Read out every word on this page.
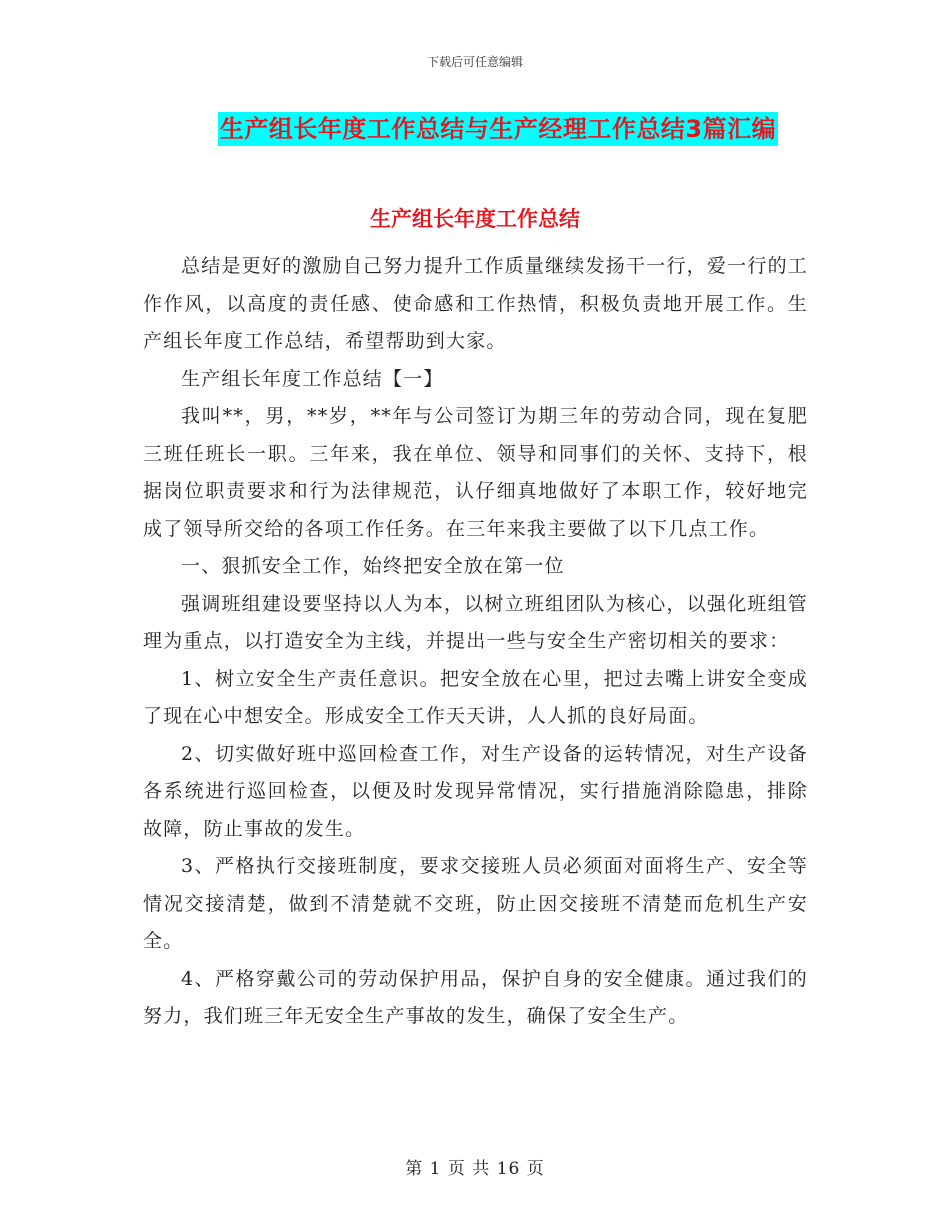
下载后可任意编辑
生产组长年度工作总结与生产经理工作总结3篇汇编
生产组长年度工作总结

总结是更好的激励自己努力提升工作质量继续发扬干一行，爱一行的工作作风，以高度的责任感、使命感和工作热情，积极负责地开展工作。生产组长年度工作总结，希望帮助到大家。

生产组长年度工作总结【一】

我叫**，男，**岁，**年与公司签订为期三年的劳动合同，现在复肥三班任班长一职。三年来，我在单位、领导和同事们的关怀、支持下，根据岗位职责要求和行为法律规范，认仔细真地做好了本职工作，较好地完成了领导所交给的各项工作任务。在三年来我主要做了以下几点工作。

一、狠抓安全工作，始终把安全放在第一位

强调班组建设要坚持以人为本，以树立班组团队为核心，以强化班组管理为重点，以打造安全为主线，并提出一些与安全生产密切相关的要求：

1、树立安全生产责任意识。把安全放在心里，把过去嘴上讲安全变成了现在心中想安全。形成安全工作天天讲，人人抓的良好局面。

2、切实做好班中巡回检查工作，对生产设备的运转情况，对生产设备各系统进行巡回检查，以便及时发现异常情况，实行措施消除隐患，排除故障，防止事故的发生。

3、严格执行交接班制度，要求交接班人员必须面对面将生产、安全等情况交接清楚，做到不清楚就不交班，防止因交接班不清楚而危机生产安全。

4、严格穿戴公司的劳动保护用品，保护自身的安全健康。通过我们的努力，我们班三年无安全生产事故的发生，确保了安全生产。

第 1 页 共 16 页
